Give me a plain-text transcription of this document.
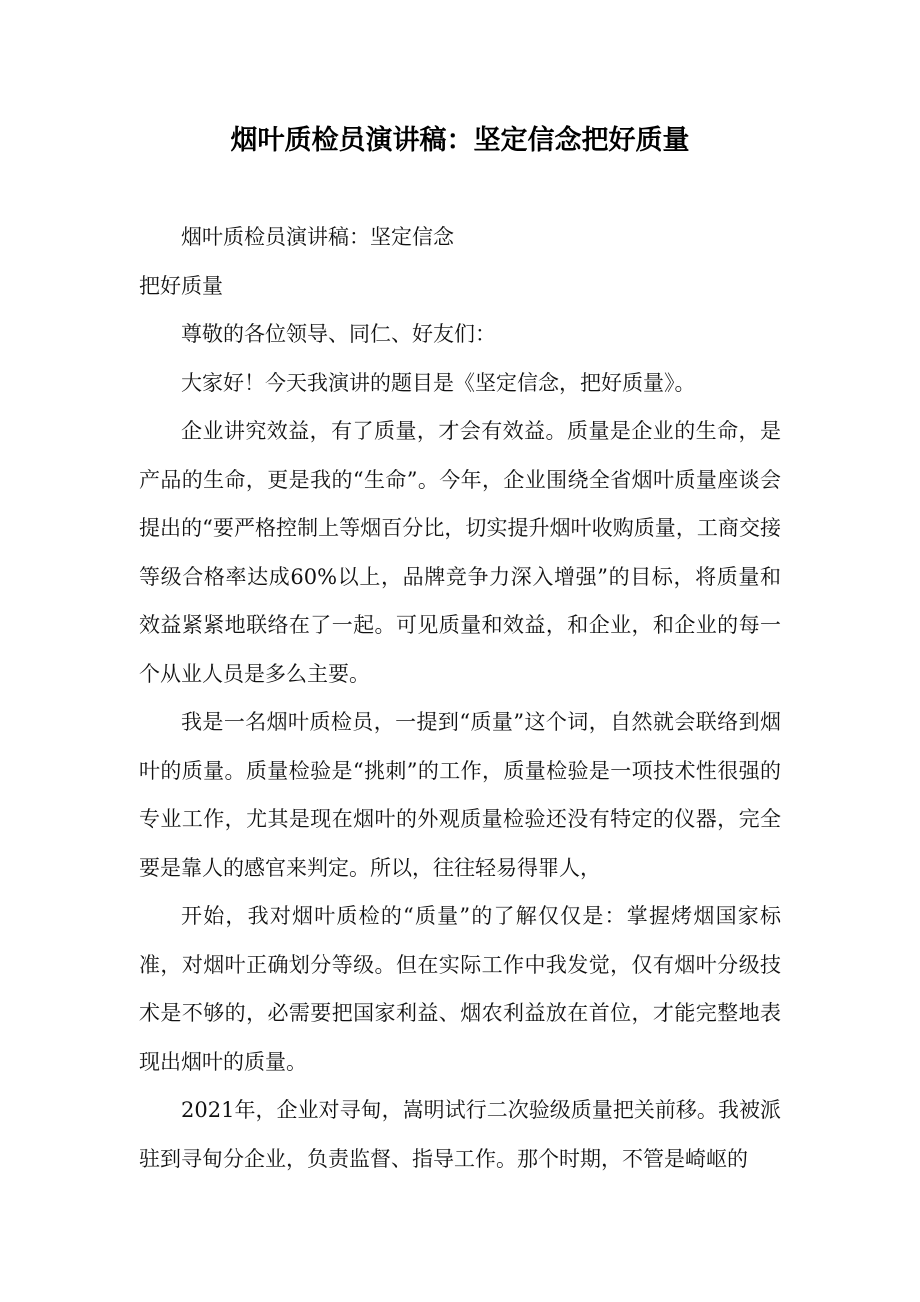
烟叶质检员演讲稿：坚定信念把好质量

烟叶质检员演讲稿：坚定信念

把好质量

尊敬的各位领导、同仁、好友们：

大家好！今天我演讲的题目是《坚定信念，把好质量》。

企业讲究效益，有了质量，才会有效益。质量是企业的生命，是产品的生命，更是我的“生命”。今年，企业围绕全省烟叶质量座谈会提出的“要严格控制上等烟百分比，切实提升烟叶收购质量，工商交接等级合格率达成60%以上，品牌竞争力深入增强”的目标，将质量和效益紧紧地联络在了一起。可见质量和效益，和企业，和企业的每一个从业人员是多么主要。

我是一名烟叶质检员，一提到“质量”这个词，自然就会联络到烟叶的质量。质量检验是“挑刺”的工作，质量检验是一项技术性很强的专业工作，尤其是现在烟叶的外观质量检验还没有特定的仪器，完全要是靠人的感官来判定。所以，往往轻易得罪人，

开始，我对烟叶质检的“质量”的了解仅仅是：掌握烤烟国家标准，对烟叶正确划分等级。但在实际工作中我发觉，仅有烟叶分级技术是不够的，必需要把国家利益、烟农利益放在首位，才能完整地表现出烟叶的质量。

2021年，企业对寻甸，嵩明试行二次验级质量把关前移。我被派驻到寻甸分企业，负责监督、指导工作。那个时期，不管是崎岖的
